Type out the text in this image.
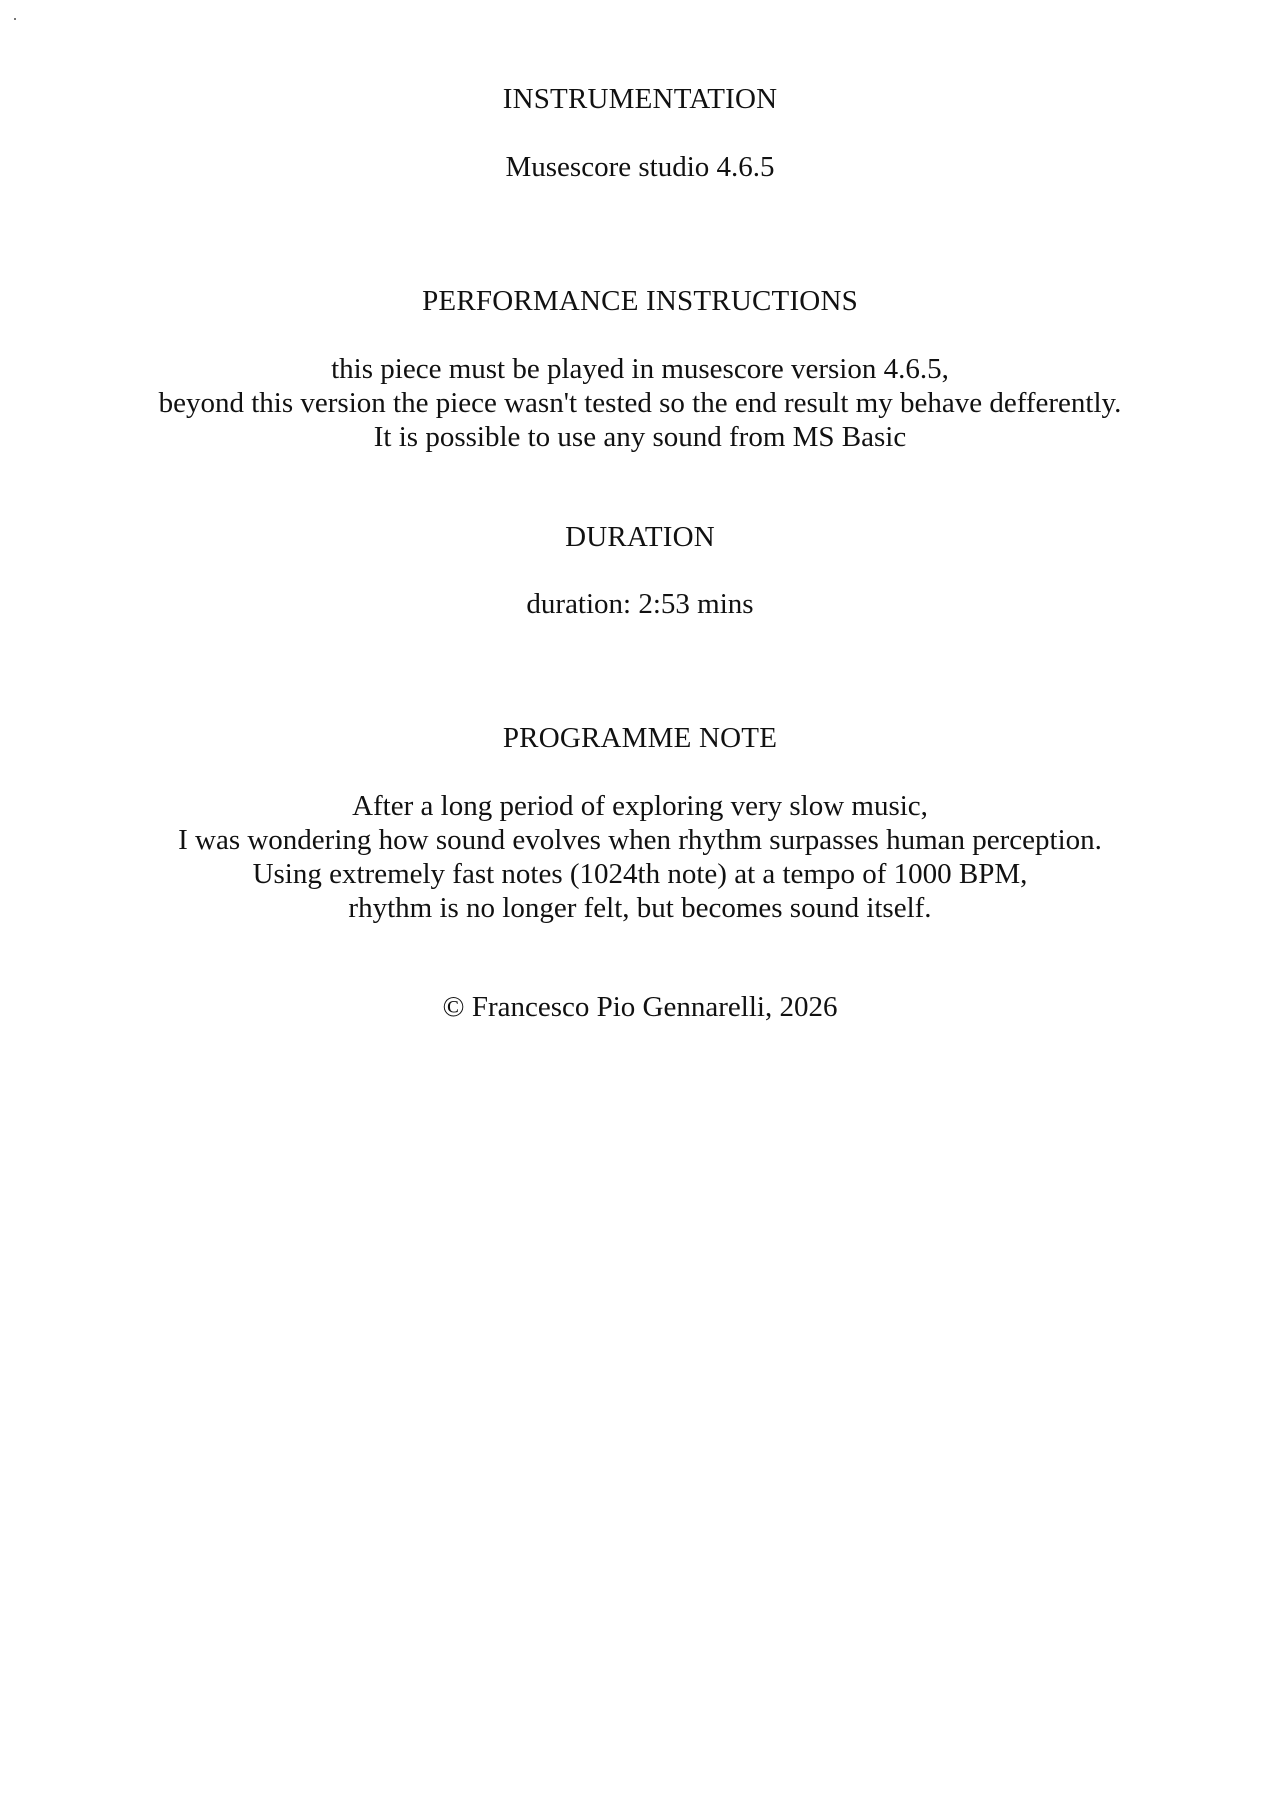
INSTRUMENTATION
Musescore studio 4.6.5
PERFORMANCE INSTRUCTIONS
this piece must be played in musescore version 4.6.5,
beyond this version the piece wasn't tested so the end result my behave defferently.
It is possible to use any sound from MS Basic
DURATION
duration: 2:53 mins
PROGRAMME NOTE
After a long period of exploring very slow music,
I was wondering how sound evolves when rhythm surpasses human perception.
Using extremely fast notes (1024th note) at a tempo of 1000 BPM,
rhythm is no longer felt, but becomes sound itself.
© Francesco Pio Gennarelli, 2026
